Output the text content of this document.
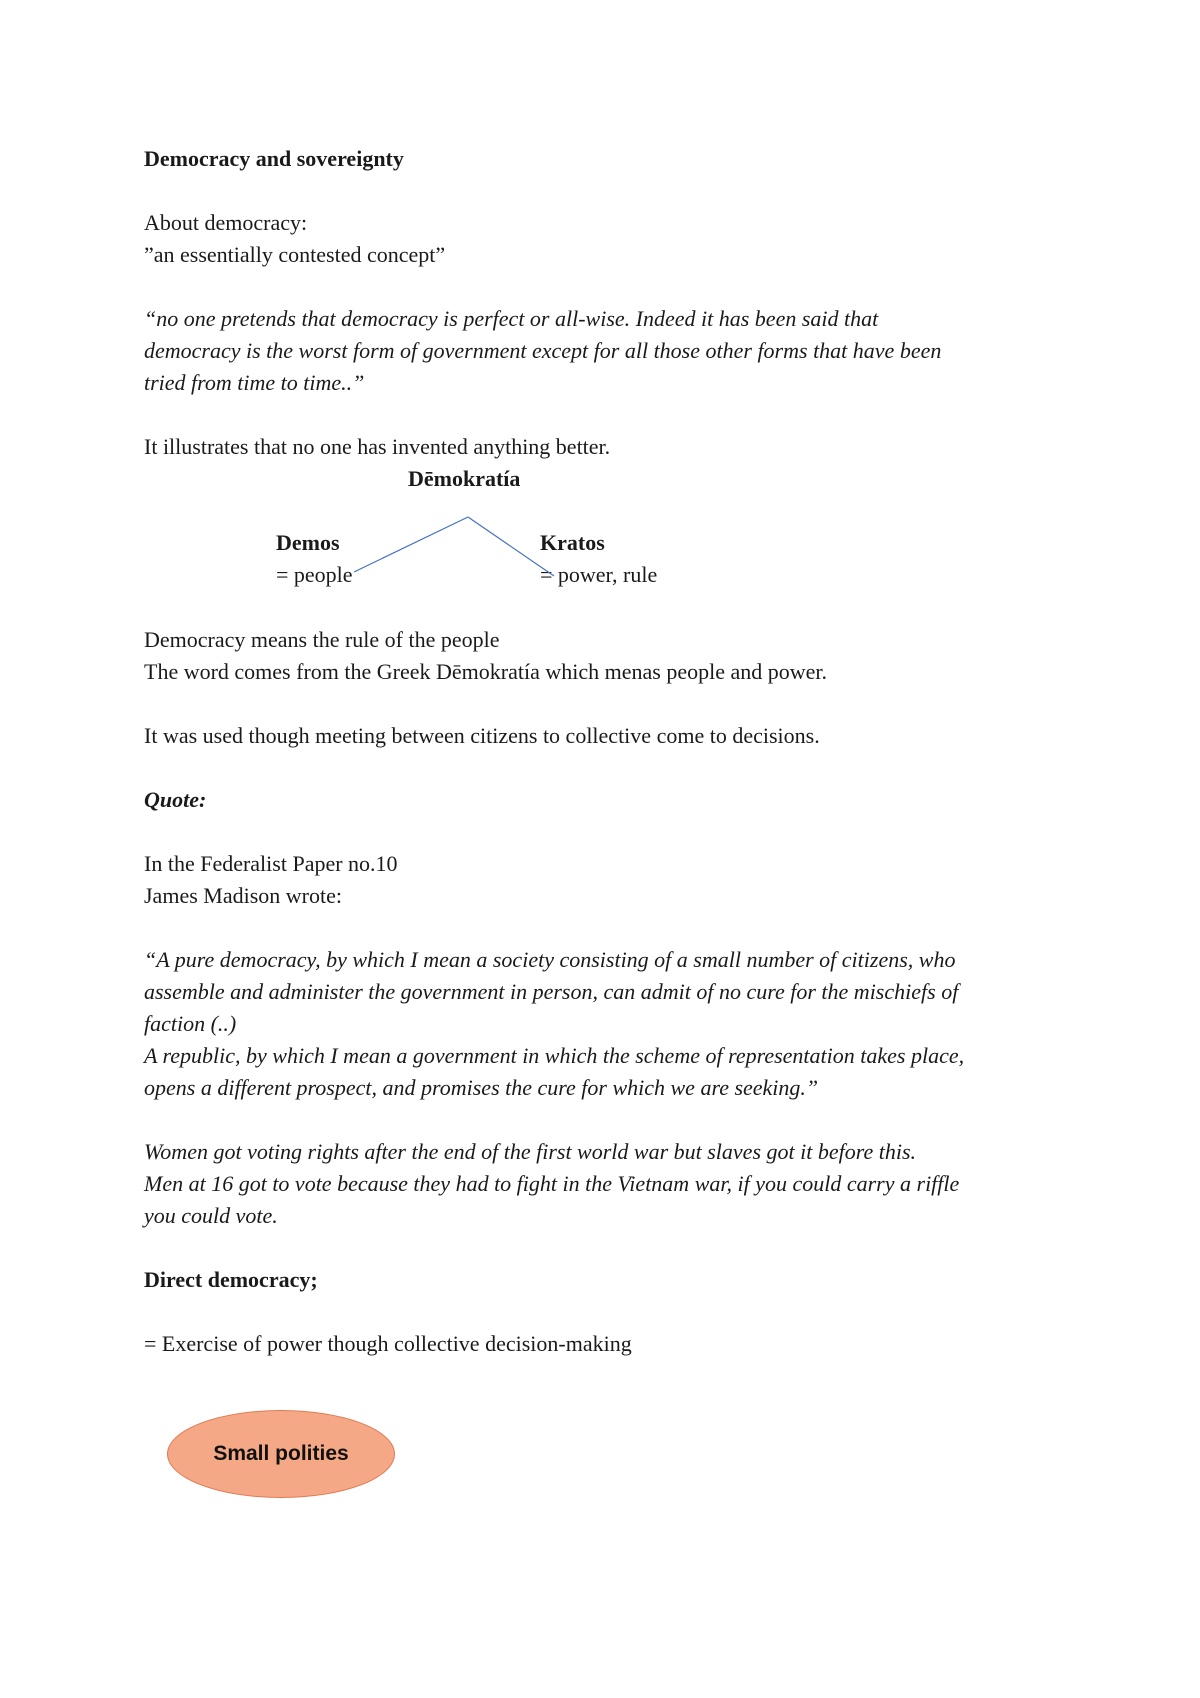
Democracy and sovereignty
About democracy:
”an essentially contested concept”
“no one pretends that democracy is perfect or all-wise. Indeed it has been said that
democracy is the worst form of government except for all those other forms that have been
tried from time to time..”
It illustrates that no one has invented anything better.
Dēmokratía
Demos	Kratos
= people	= power, rule
Democracy means the rule of the people
The word comes from the Greek Dēmokratía which menas people and power.
It was used though meeting between citizens to collective come to decisions.
Quote:
In the Federalist Paper no.10
James Madison wrote:
“A pure democracy, by which I mean a society consisting of a small number of citizens, who
assemble and administer the government in person, can admit of no cure for the mischiefs of
faction (..)
A republic, by which I mean a government in which the scheme of representation takes place,
opens a different prospect, and promises the cure for which we are seeking.”
Women got voting rights after the end of the first world war but slaves got it before this.
Men at 16 got to vote because they had to fight in the Vietnam war, if you could carry a riffle
you could vote.
Direct democracy;
= Exercise of power though collective decision-making
Small polities
